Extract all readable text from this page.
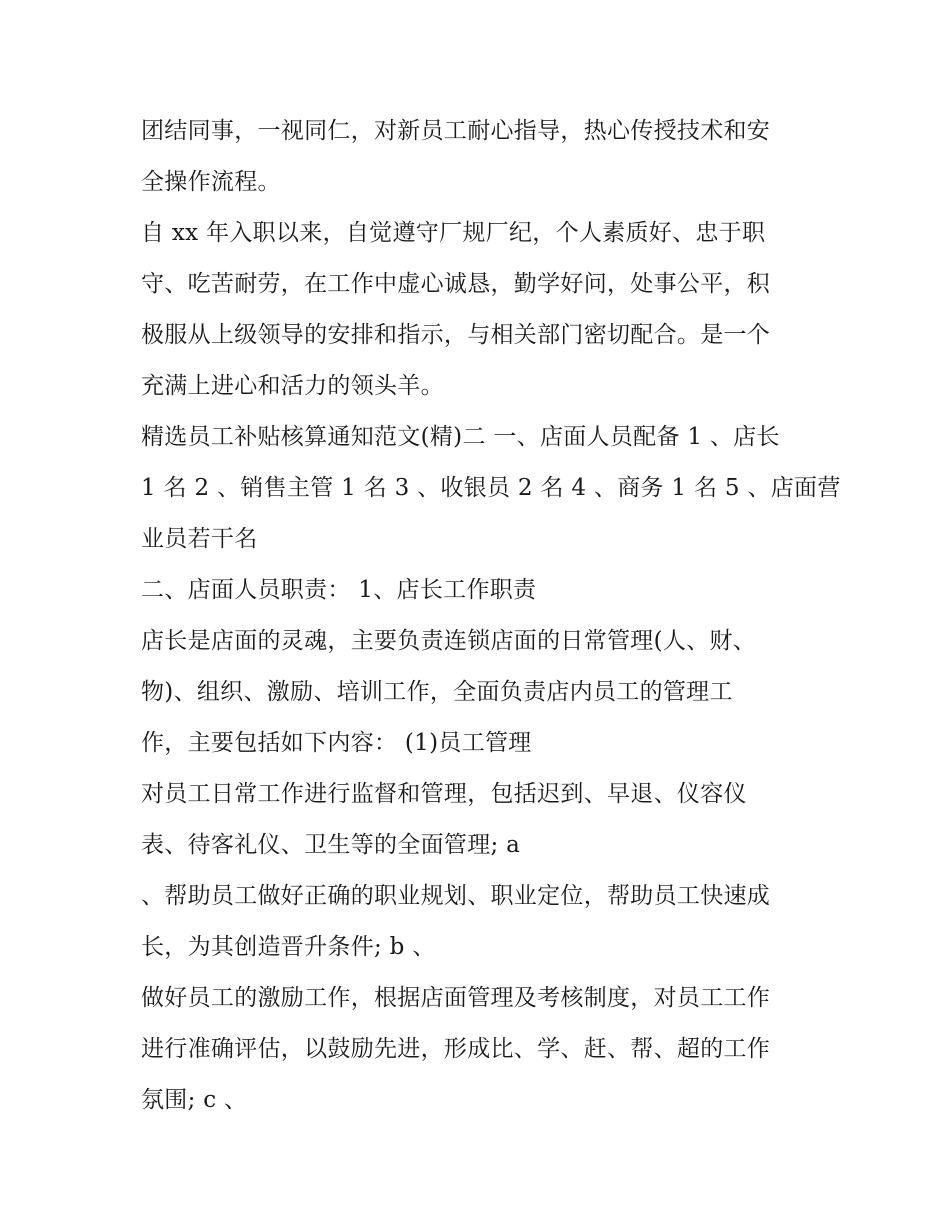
团结同事，一视同仁，对新员工耐心指导，热心传授技术和安
全操作流程。
自 xx 年入职以来，自觉遵守厂规厂纪，个人素质好、忠于职
守、吃苦耐劳，在工作中虚心诚恳，勤学好问，处事公平，积
极服从上级领导的安排和指示，与相关部门密切配合。是一个
充满上进心和活力的领头羊。
精选员工补贴核算通知范文(精)二 一、店面人员配备 1 、店长
1 名 2 、销售主管 1 名 3 、收银员 2 名 4 、商务 1 名 5 、店面营
业员若干名
二、店面人员职责： 1、店长工作职责
店长是店面的灵魂，主要负责连锁店面的日常管理(人、财、
物)、组织、激励、培训工作，全面负责店内员工的管理工
作，主要包括如下内容： (1)员工管理
对员工日常工作进行监督和管理，包括迟到、早退、仪容仪
表、待客礼仪、卫生等的全面管理; a
、帮助员工做好正确的职业规划、职业定位，帮助员工快速成
长，为其创造晋升条件; b 、
做好员工的激励工作，根据店面管理及考核制度，对员工工作
进行准确评估，以鼓励先进，形成比、学、赶、帮、超的工作
氛围; c 、
